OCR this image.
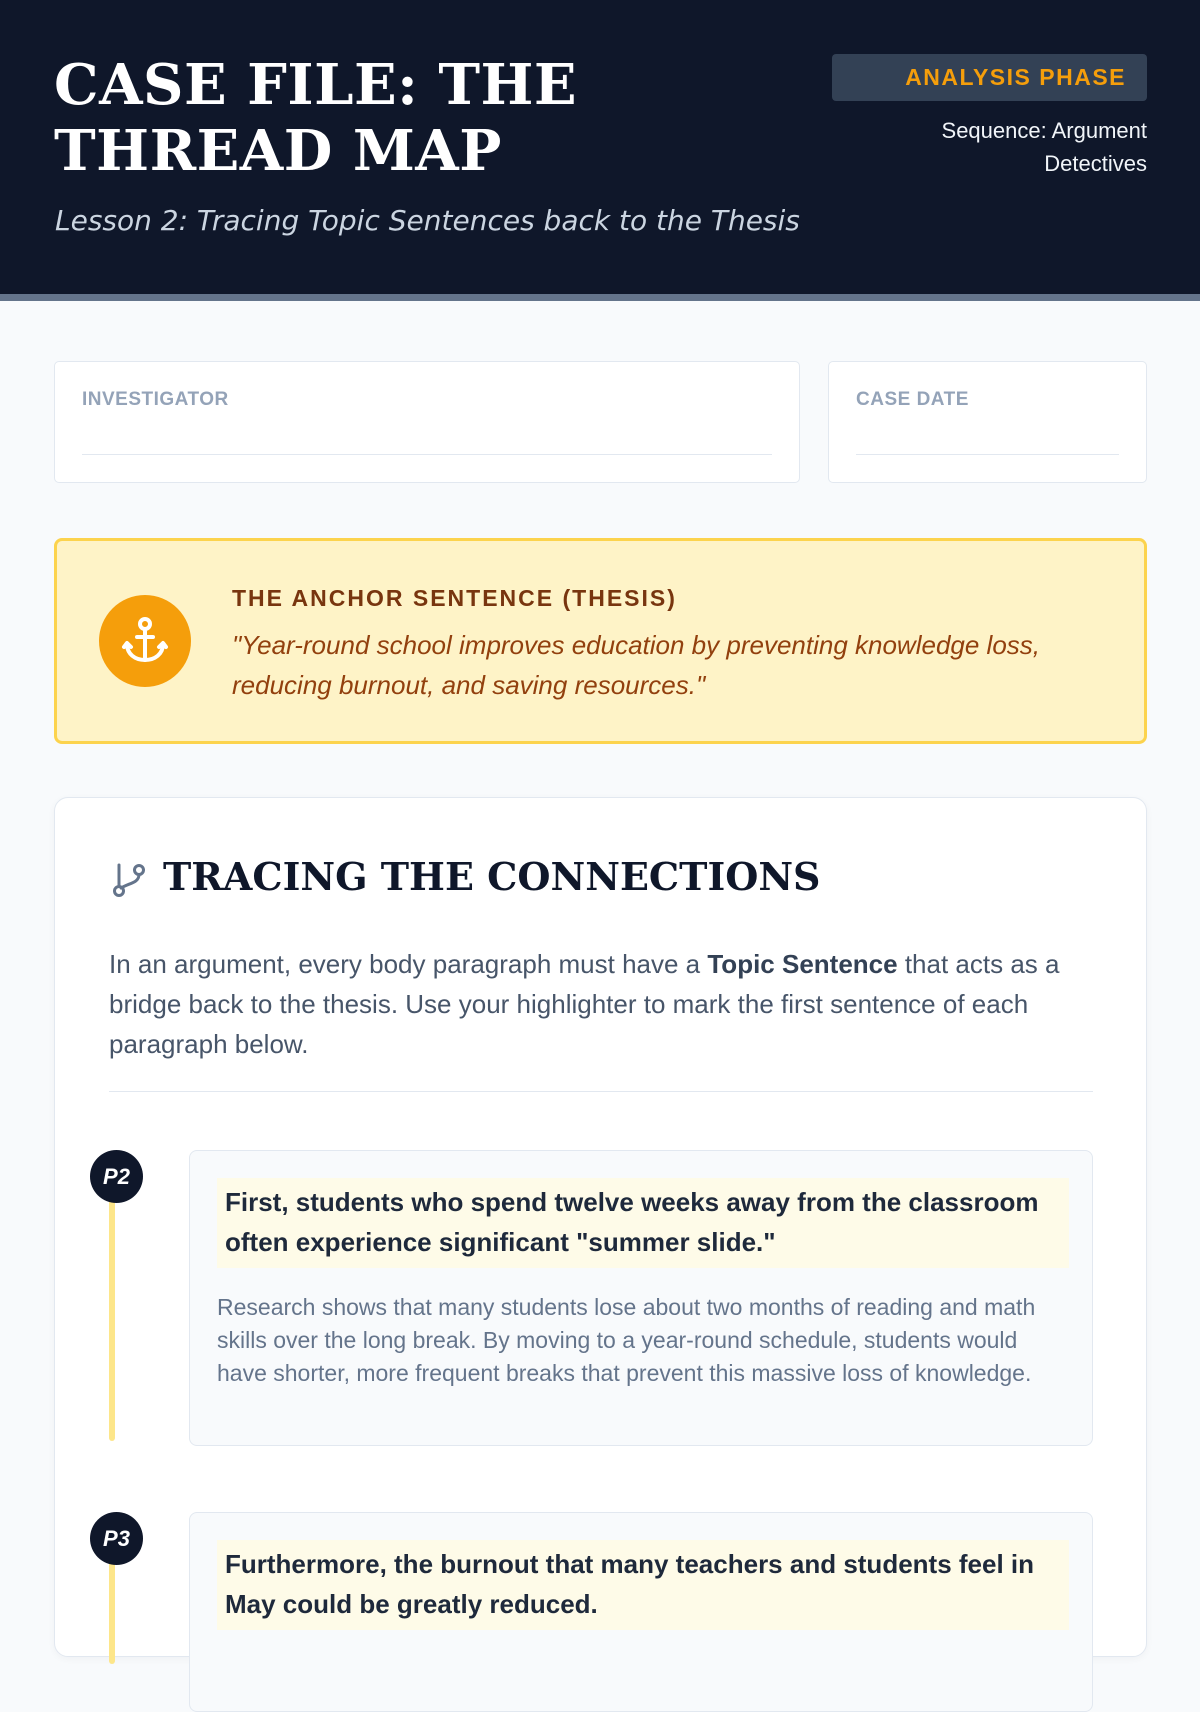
CASE FILE: THE THREAD MAP
Lesson 2: Tracing Topic Sentences back to the Thesis
ANALYSIS PHASE
Sequence: Argument Detectives
INVESTIGATOR	CASE DATE
THE ANCHOR SENTENCE (THESIS)
"Year-round school improves education by preventing knowledge loss, reducing burnout, and saving resources."
TRACING THE CONNECTIONS

In an argument, every body paragraph must have a Topic Sentence that acts as a bridge back to the thesis. Use your highlighter to mark the first sentence of each paragraph below.

P2
First, students who spend twelve weeks away from the classroom often experience significant "summer slide."
Research shows that many students lose about two months of reading and math skills over the long break. By moving to a year-round schedule, students would have shorter, more frequent breaks that prevent this massive loss of knowledge.
P3
Furthermore, the burnout that many teachers and students feel in May could be greatly reduced.
